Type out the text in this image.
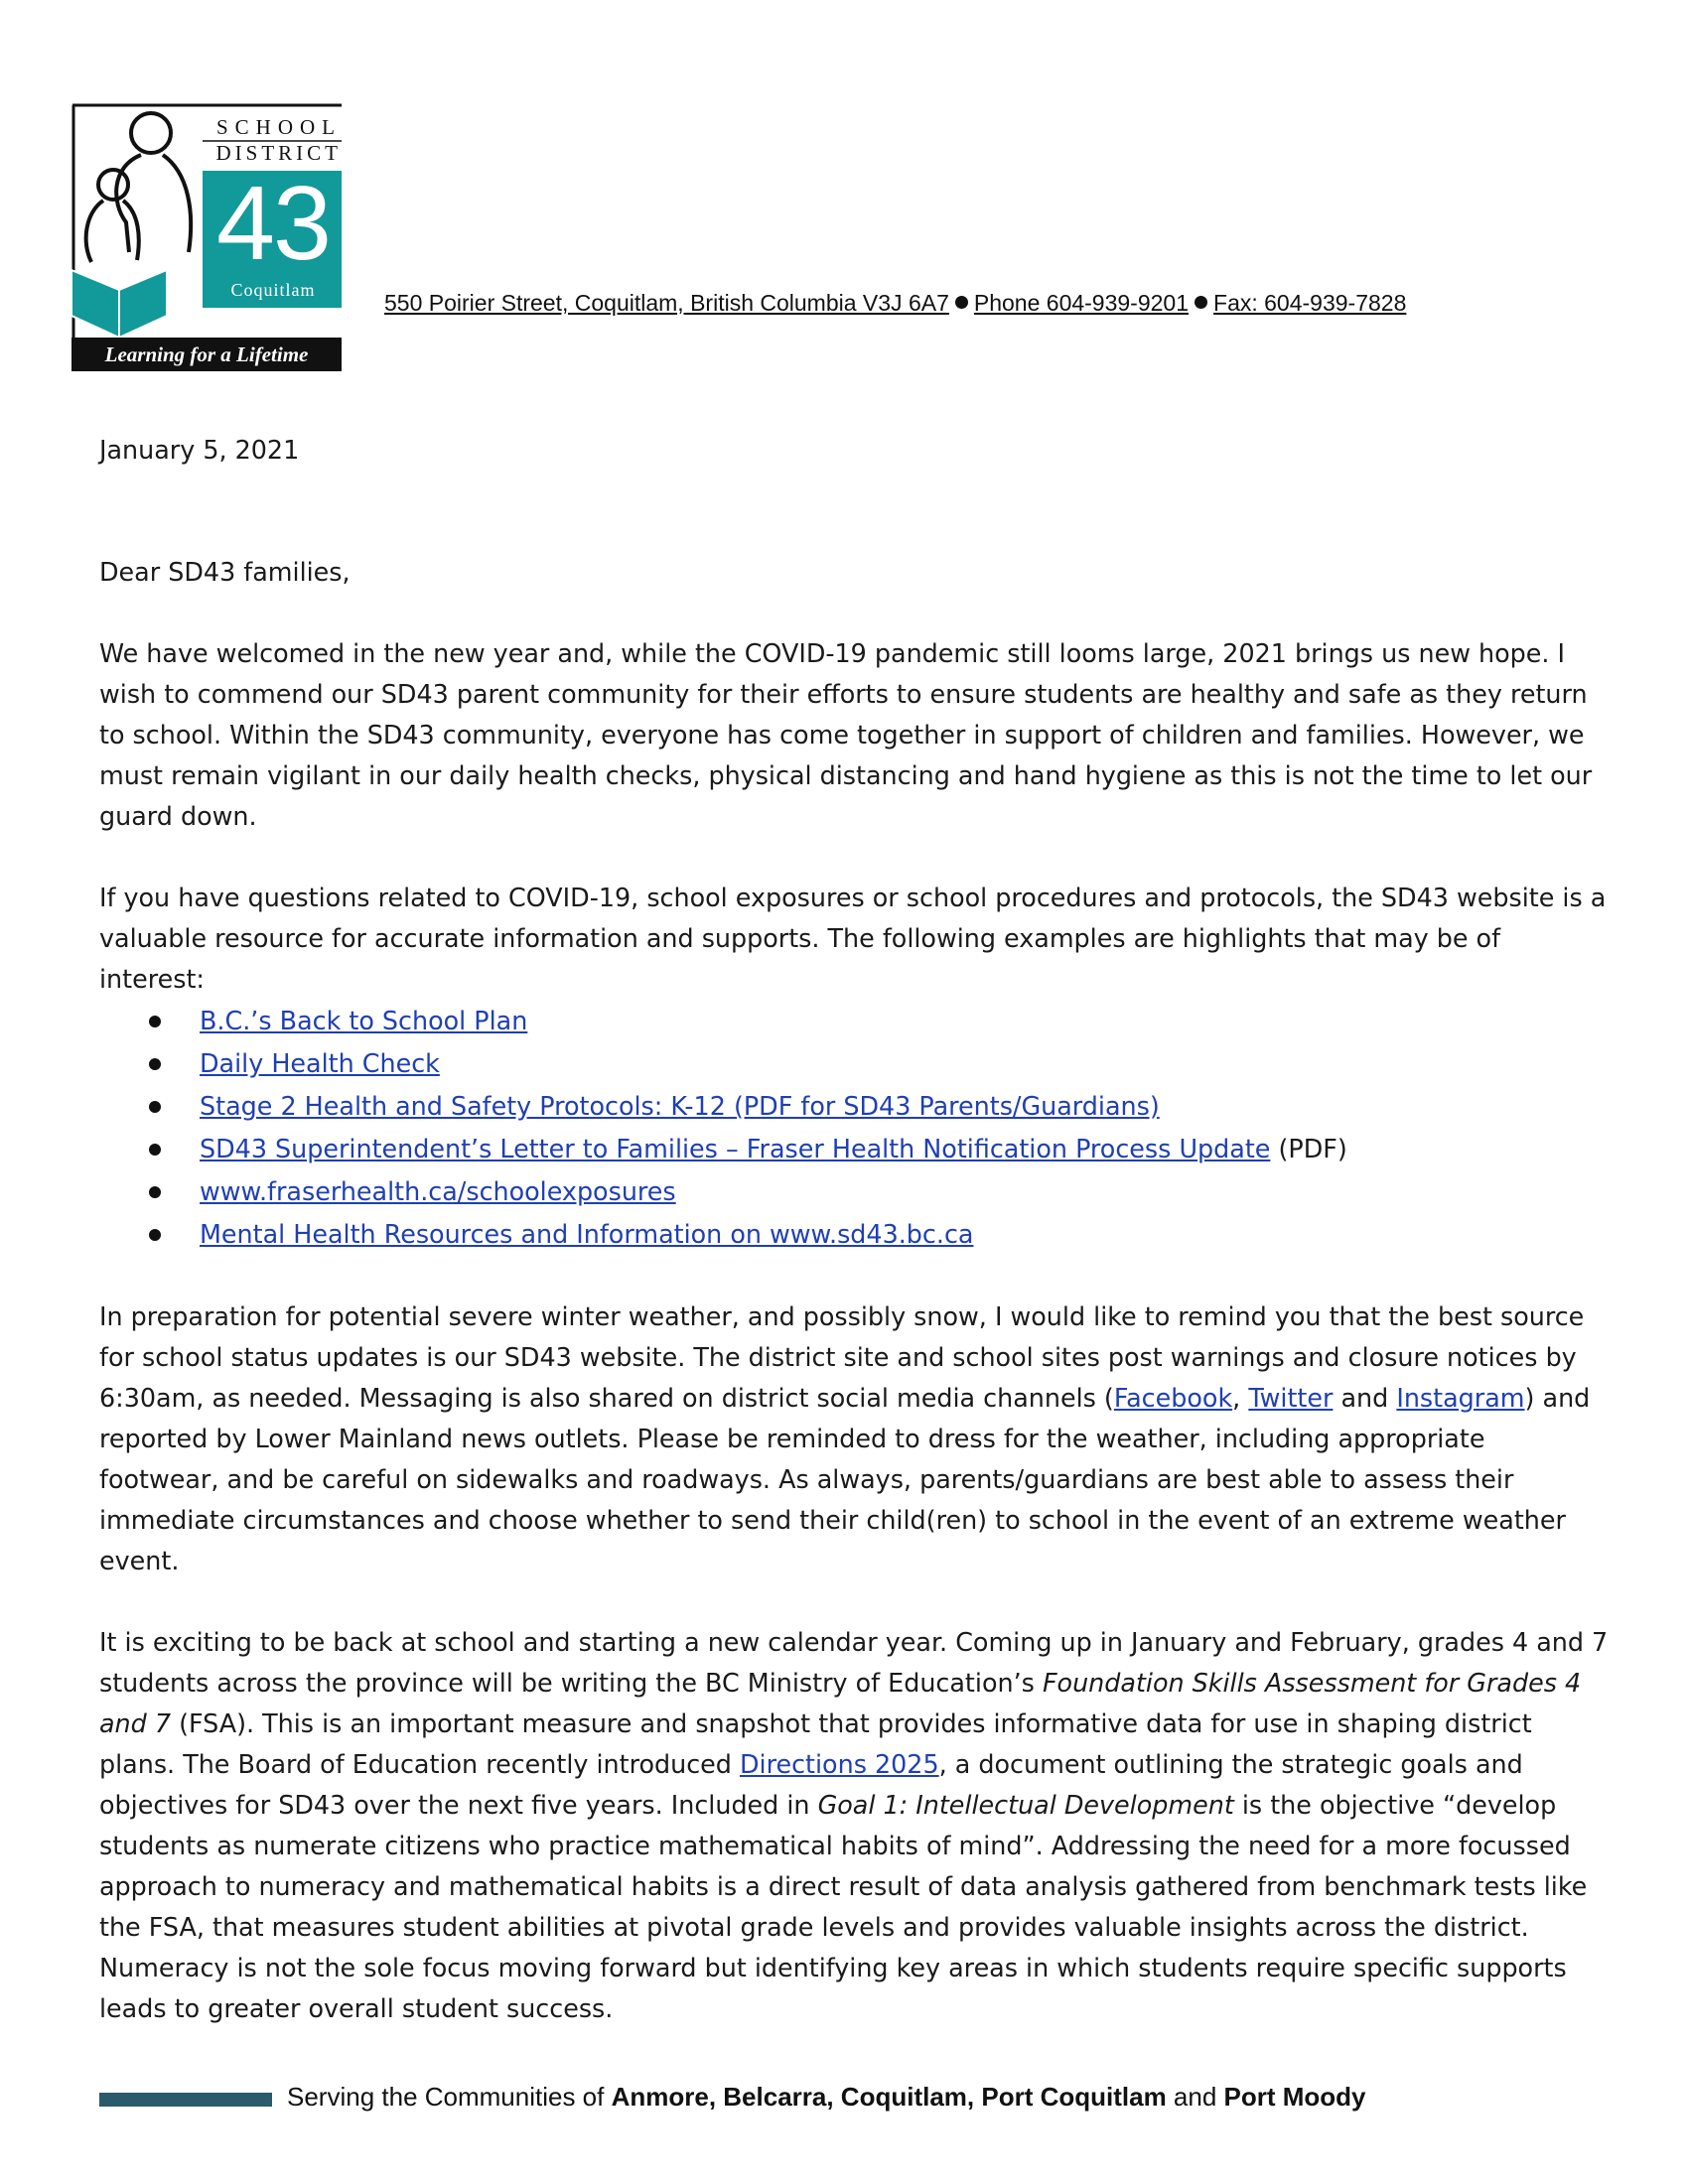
SCHOOL
DISTRICT
43
Coquitlam
Learning for a Lifetime
550 Poirier Street, Coquitlam, British Columbia V3J 6A7 Phone 604-939-9201 Fax: 604-939-7828

January 5, 2021

Dear SD43 families,

We have welcomed in the new year and, while the COVID-19 pandemic still looms large, 2021 brings us new hope. I wish to commend our SD43 parent community for their efforts to ensure students are healthy and safe as they return to school. Within the SD43 community, everyone has come together in support of children and families. However, we must remain vigilant in our daily health checks, physical distancing and hand hygiene as this is not the time to let our guard down.

If you have questions related to COVID-19, school exposures or school procedures and protocols, the SD43 website is a valuable resource for accurate information and supports. The following examples are highlights that may be of interest:

B.C.’s Back to School Plan
Daily Health Check
Stage 2 Health and Safety Protocols: K-12 (PDF for SD43 Parents/Guardians)
SD43 Superintendent’s Letter to Families – Fraser Health Notification Process Update (PDF)
www.fraserhealth.ca/schoolexposures
Mental Health Resources and Information on www.sd43.bc.ca

In preparation for potential severe winter weather, and possibly snow, I would like to remind you that the best source for school status updates is our SD43 website. The district site and school sites post warnings and closure notices by 6:30am, as needed. Messaging is also shared on district social media channels (Facebook, Twitter and Instagram) and reported by Lower Mainland news outlets. Please be reminded to dress for the weather, including appropriate footwear, and be careful on sidewalks and roadways. As always, parents/guardians are best able to assess their immediate circumstances and choose whether to send their child(ren) to school in the event of an extreme weather event.

It is exciting to be back at school and starting a new calendar year. Coming up in January and February, grades 4 and 7 students across the province will be writing the BC Ministry of Education’s Foundation Skills Assessment for Grades 4 and 7 (FSA). This is an important measure and snapshot that provides informative data for use in shaping district plans. The Board of Education recently introduced Directions 2025, a document outlining the strategic goals and objectives for SD43 over the next five years. Included in Goal 1: Intellectual Development is the objective “develop students as numerate citizens who practice mathematical habits of mind”. Addressing the need for a more focussed approach to numeracy and mathematical habits is a direct result of data analysis gathered from benchmark tests like the FSA, that measures student abilities at pivotal grade levels and provides valuable insights across the district. Numeracy is not the sole focus moving forward but identifying key areas in which students require specific supports leads to greater overall student success.

Serving the Communities of Anmore, Belcarra, Coquitlam, Port Coquitlam and Port Moody
